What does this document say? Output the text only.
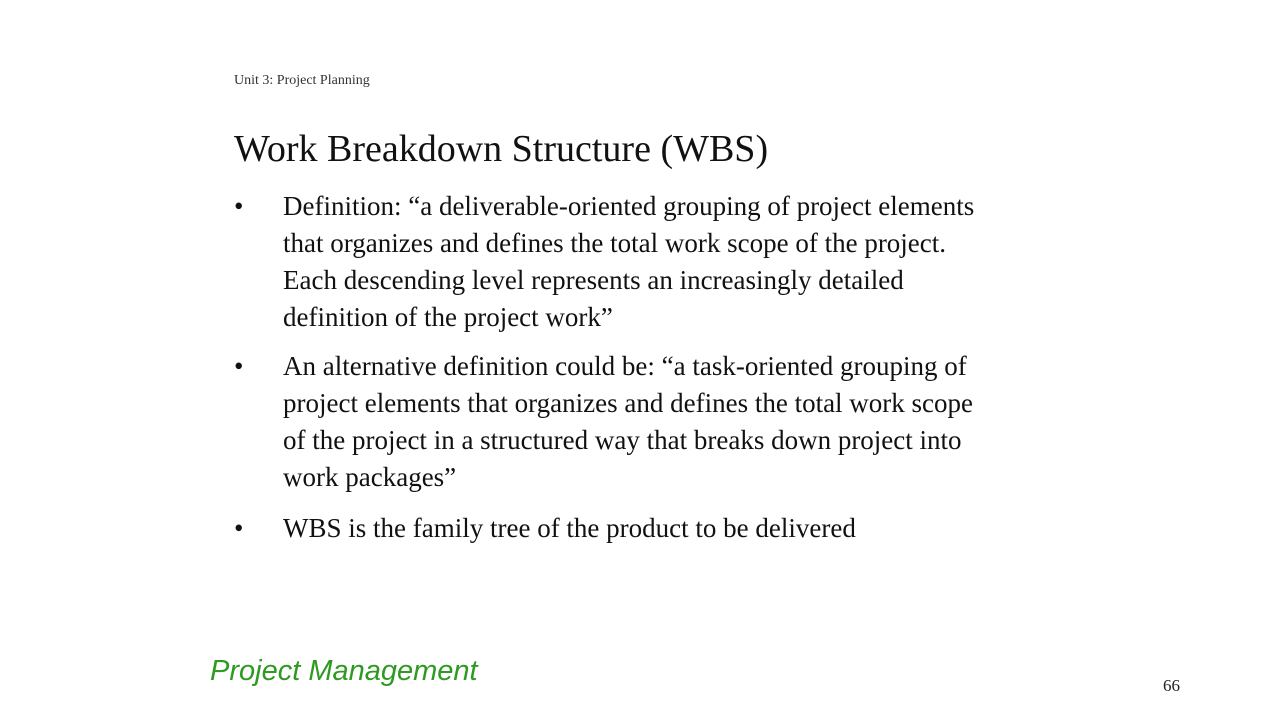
Unit 3: Project Planning
Work Breakdown Structure (WBS)
• Definition: “a deliverable-oriented grouping of project elements that organizes and defines the total work scope of the project. Each descending level represents an increasingly detailed definition of the project work”
• An alternative definition could be: “a task-oriented grouping of project elements that organizes and defines the total work scope of the project in a structured way that breaks down project into work packages”
• WBS is the family tree of the product to be delivered
Project Management	66
